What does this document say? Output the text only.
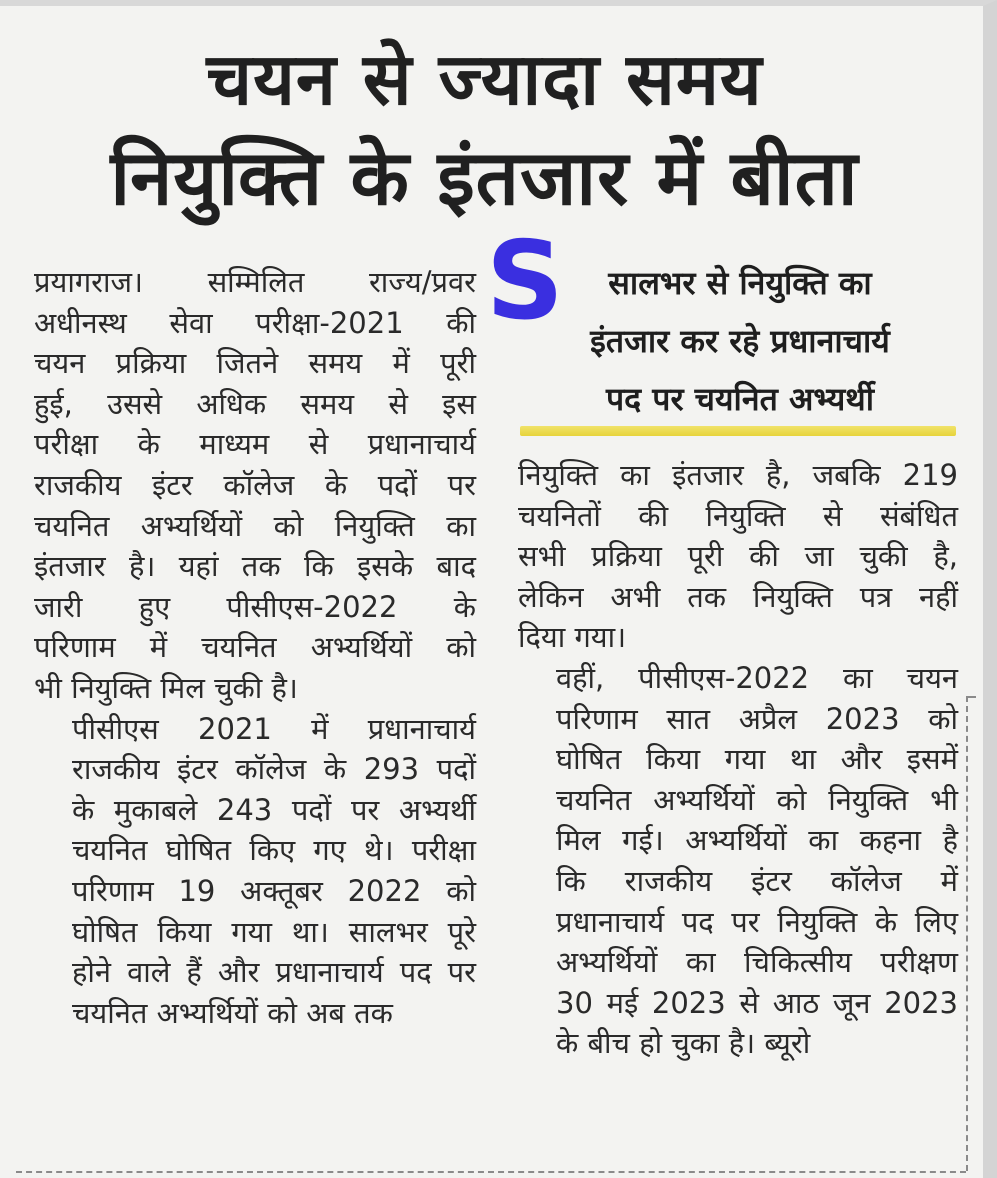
चयन से ज्यादा समय
नियुक्ति के इंतजार में बीता

प्रयागराज। सम्मिलित राज्य/प्रवर
अधीनस्थ सेवा परीक्षा-2021 की
चयन प्रक्रिया जितने समय में पूरी
हुई, उससे अधिक समय से इस
परीक्षा के माध्यम से प्रधानाचार्य
राजकीय इंटर कॉलेज के पदों पर
चयनित अभ्यर्थियों को नियुक्ति का
इंतजार है। यहां तक कि इसके बाद
जारी हुए पीसीएस-2022 के
परिणाम में चयनित अभ्यर्थियों को
भी नियुक्ति मिल चुकी है।

पीसीएस 2021 में प्रधानाचार्य
राजकीय इंटर कॉलेज के 293 पदों
के मुकाबले 243 पदों पर अभ्यर्थी
चयनित घोषित किए गए थे। परीक्षा
परिणाम 19 अक्तूबर 2022 को
घोषित किया गया था। सालभर पूरे
होने वाले हैं और प्रधानाचार्य पद पर
चयनित अभ्यर्थियों को अब तक

S	सालभर से नियुक्ति का
इंतजार कर रहे प्रधानाचार्य
पद पर चयनित अभ्यर्थी

नियुक्ति का इंतजार है, जबकि 219
चयनितों की नियुक्ति से संबंधित
सभी प्रक्रिया पूरी की जा चुकी है,
लेकिन अभी तक नियुक्ति पत्र नहीं
दिया गया।

वहीं, पीसीएस-2022 का चयन
परिणाम सात अप्रैल 2023 को
घोषित किया गया था और इसमें
चयनित अभ्यर्थियों को नियुक्ति भी
मिल गई। अभ्यर्थियों का कहना है
कि राजकीय इंटर कॉलेज में
प्रधानाचार्य पद पर नियुक्ति के लिए
अभ्यर्थियों का चिकित्सीय परीक्षण
30 मई 2023 से आठ जून 2023
के बीच हो चुका है। ब्यूरो
